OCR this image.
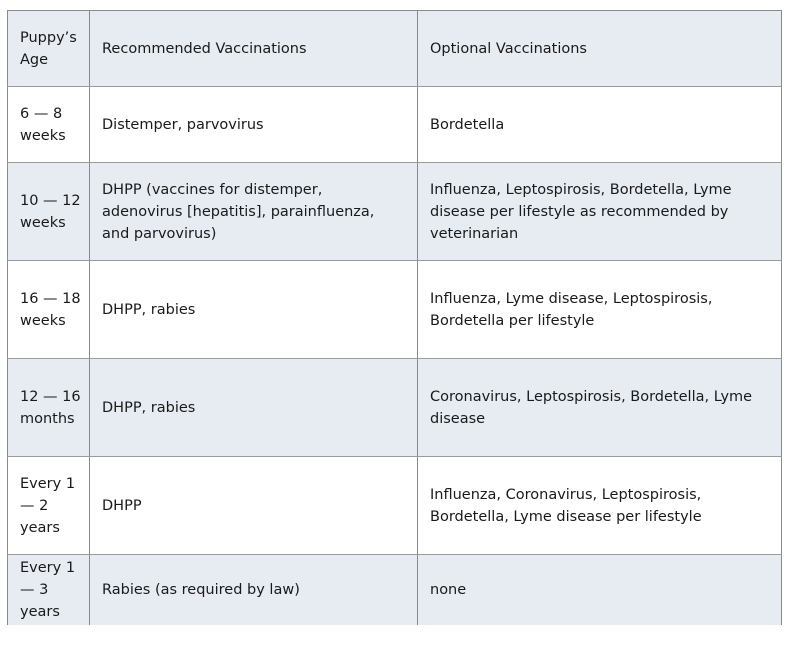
Puppy’s Age	Recommended Vaccinations	Optional Vaccinations
6 — 8 weeks	Distemper, parvovirus	Bordetella
10 — 12 weeks	DHPP (vaccines for distemper, adenovirus [hepatitis], parainfluenza, and parvovirus)	Influenza, Leptospirosis, Bordetella, Lyme disease per lifestyle as recommended by veterinarian
16 — 18 weeks	DHPP, rabies	Influenza, Lyme disease, Leptospirosis, Bordetella per lifestyle
12 — 16 months	DHPP, rabies	Coronavirus, Leptospirosis, Bordetella, Lyme disease
Every 1 — 2 years	DHPP	Influenza, Coronavirus, Leptospirosis, Bordetella, Lyme disease per lifestyle
Every 1 — 3 years	Rabies (as required by law)	none
